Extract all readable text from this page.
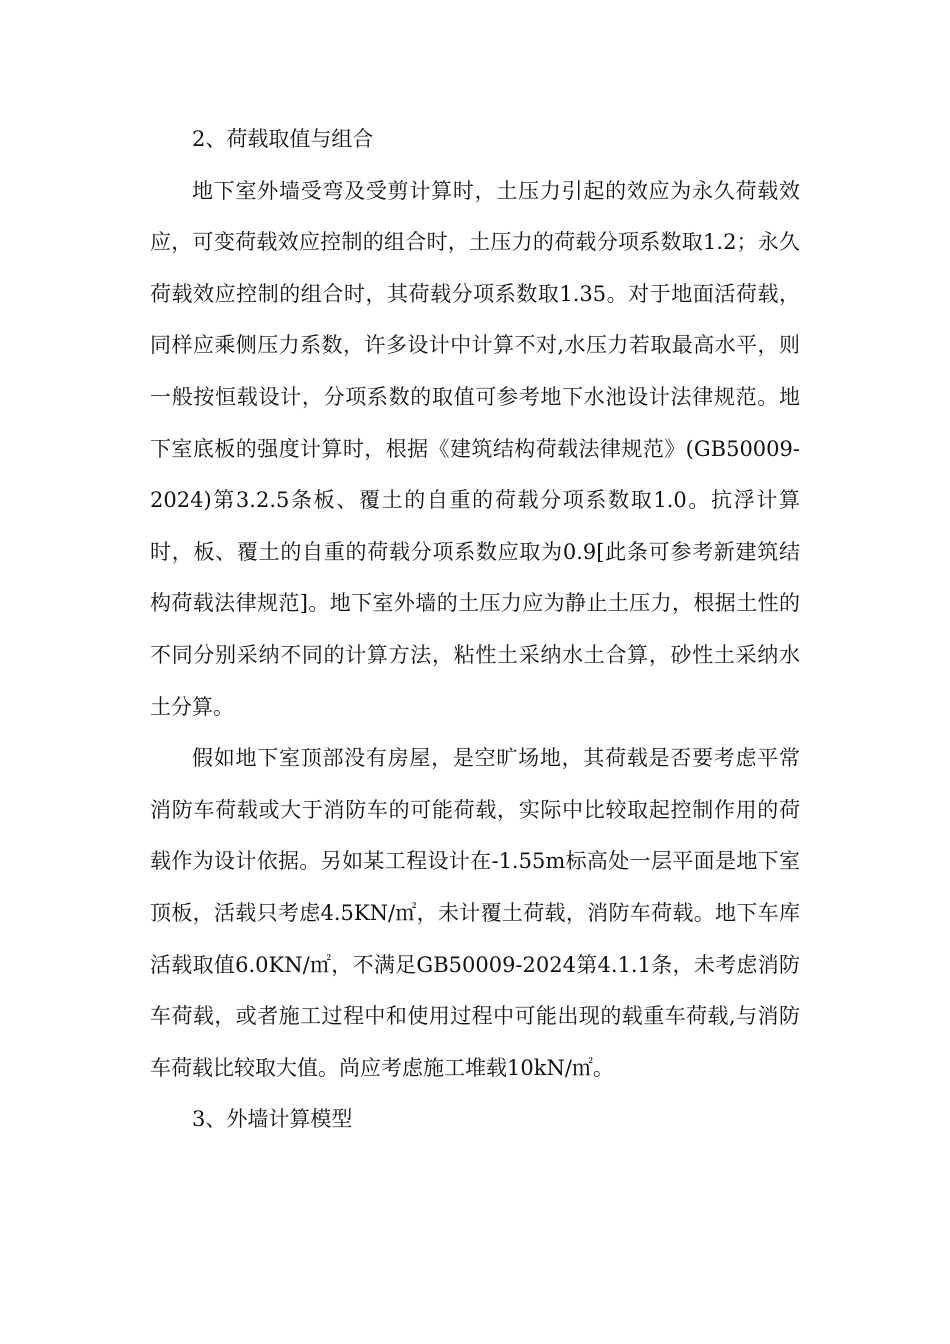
2、荷载取值与组合

地下室外墙受弯及受剪计算时，土压力引起的效应为永久荷载效应，可变荷载效应控制的组合时，土压力的荷载分项系数取1.2；永久荷载效应控制的组合时，其荷载分项系数取1.35。对于地面活荷载，同样应乘侧压力系数，许多设计中计算不对,水压力若取最高水平，则一般按恒载设计，分项系数的取值可参考地下水池设计法律规范。地下室底板的强度计算时，根据《建筑结构荷载法律规范》(GB50009-2024)第3.2.5条板、覆土的自重的荷载分项系数取1.0。抗浮计算时，板、覆土的自重的荷载分项系数应取为0.9[此条可参考新建筑结构荷载法律规范]。地下室外墙的土压力应为静止土压力，根据土性的不同分别采纳不同的计算方法，粘性土采纳水土合算，砂性土采纳水土分算。

假如地下室顶部没有房屋，是空旷场地，其荷载是否要考虑平常消防车荷载或大于消防车的可能荷载，实际中比较取起控制作用的荷载作为设计依据。另如某工程设计在-1.55m标高处一层平面是地下室顶板，活载只考虑4.5KN/㎡，未计覆土荷载，消防车荷载。地下车库活载取值6.0KN/㎡，不满足GB50009-2024第4.1.1条，未考虑消防车荷载，或者施工过程中和使用过程中可能出现的载重车荷载,与消防车荷载比较取大值。尚应考虑施工堆载10kN/㎡。

3、外墙计算模型
